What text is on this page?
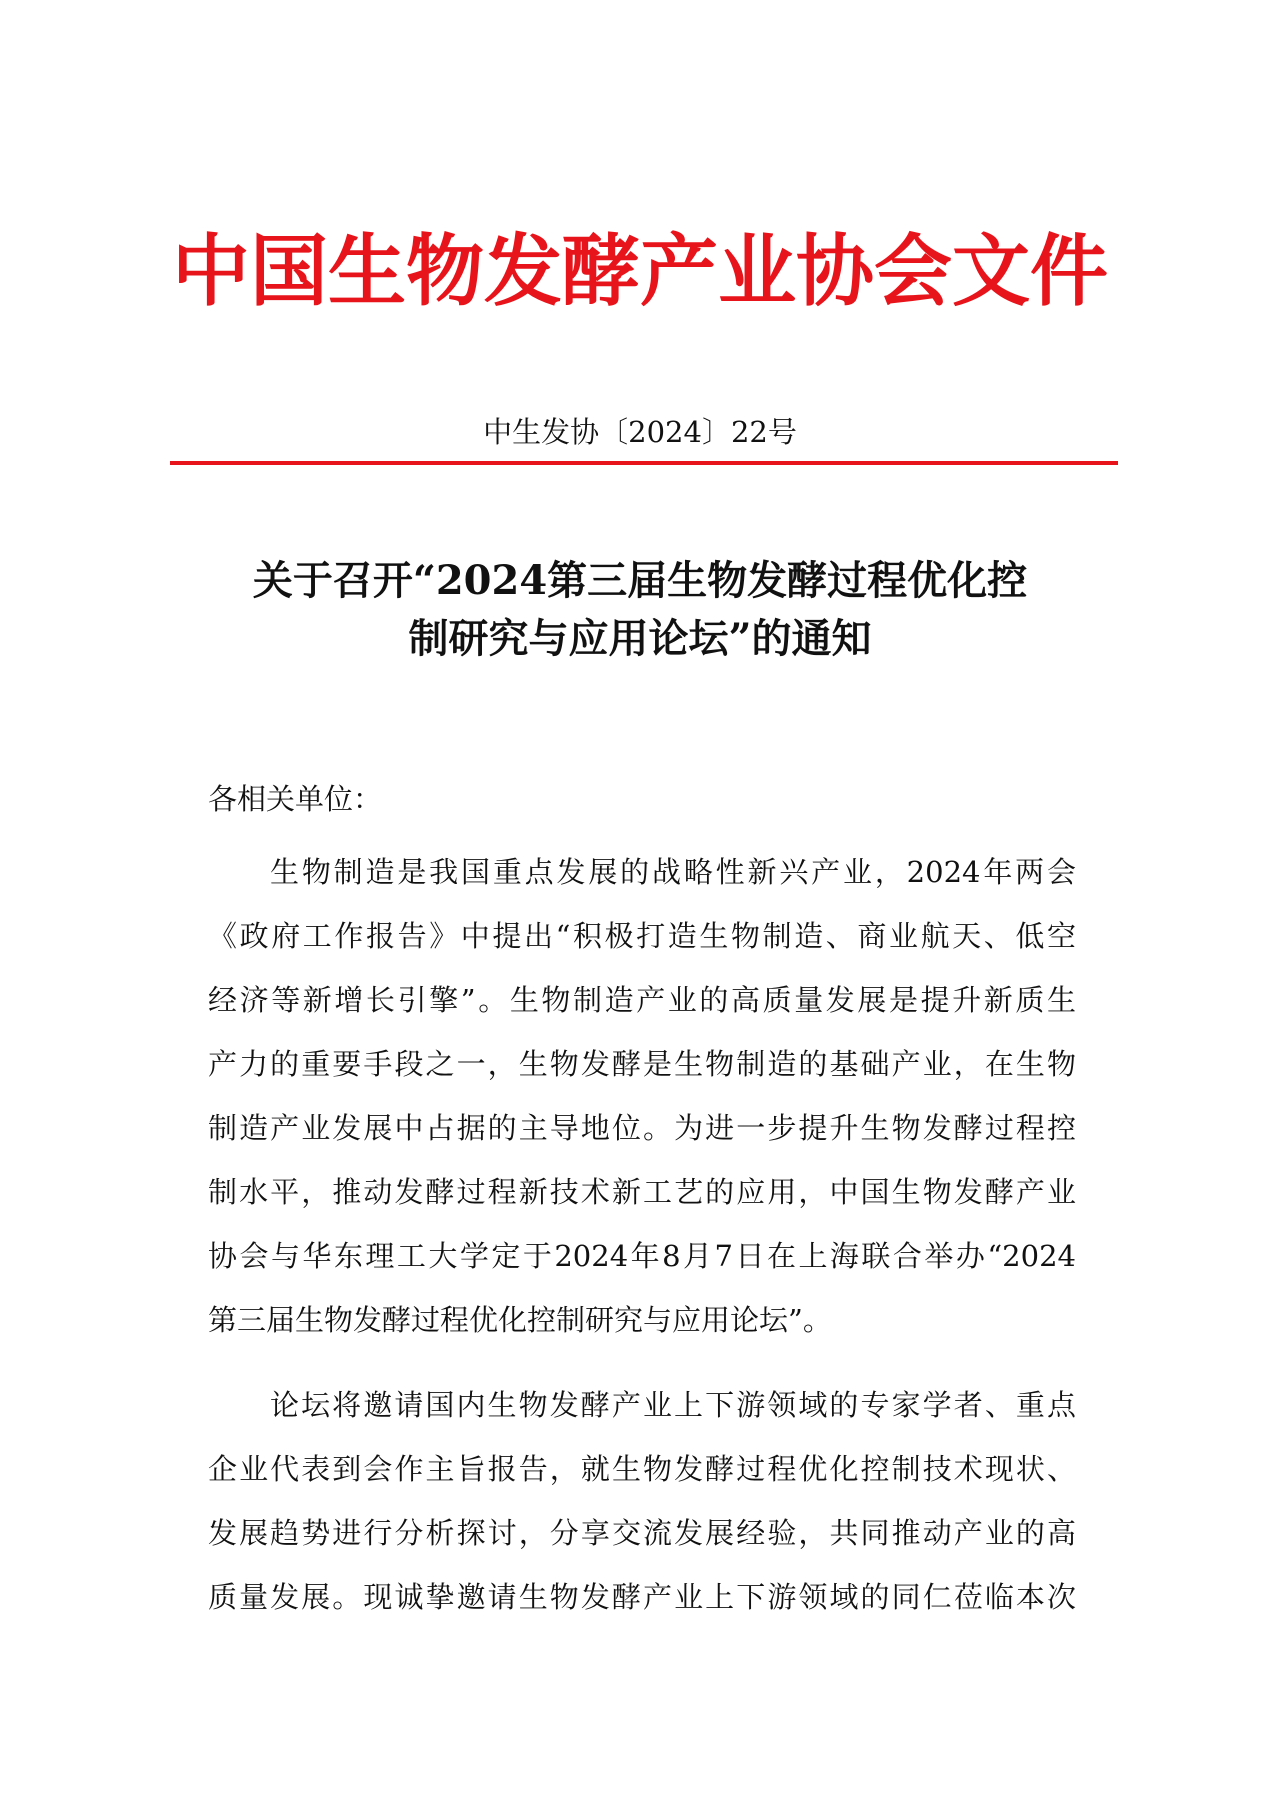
中国生物发酵产业协会文件
中生发协〔2024〕22号
关于召开“2024第三届生物发酵过程优化控
制研究与应用论坛”的通知
各相关单位：
生物制造是我国重点发展的战略性新兴产业，2024年两会
《政府工作报告》中提出“积极打造生物制造、商业航天、低空
经济等新增长引擎”。生物制造产业的高质量发展是提升新质生
产力的重要手段之一，生物发酵是生物制造的基础产业，在生物
制造产业发展中占据的主导地位。为进一步提升生物发酵过程控
制水平，推动发酵过程新技术新工艺的应用，中国生物发酵产业
协会与华东理工大学定于2024年8月7日在上海联合举办“2024
第三届生物发酵过程优化控制研究与应用论坛”。
论坛将邀请国内生物发酵产业上下游领域的专家学者、重点
企业代表到会作主旨报告，就生物发酵过程优化控制技术现状、
发展趋势进行分析探讨，分享交流发展经验，共同推动产业的高
质量发展。现诚挚邀请生物发酵产业上下游领域的同仁莅临本次
